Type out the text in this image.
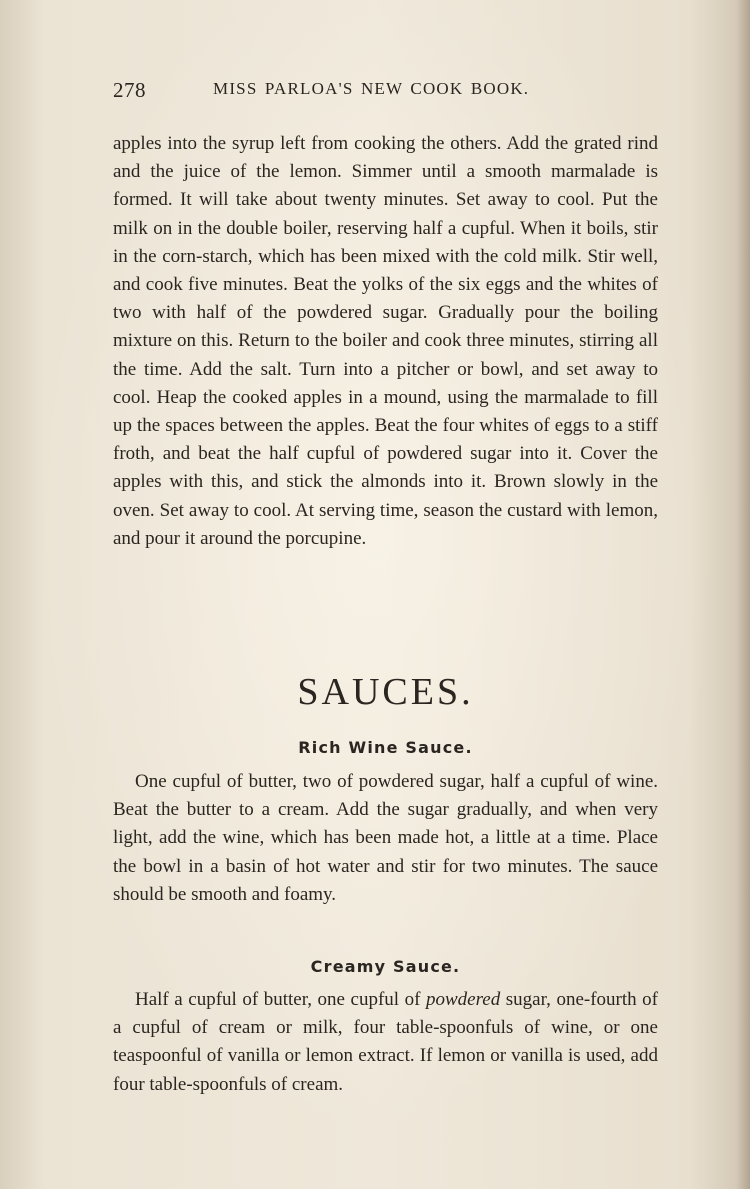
278	MISS PARLOA'S NEW COOK BOOK.

apples into the syrup left from cooking the others. Add the grated rind and the juice of the lemon. Simmer until a smooth marmalade is formed. It will take about twenty minutes. Set away to cool. Put the milk on in the double boiler, reserving half a cupful. When it boils, stir in the corn-starch, which has been mixed with the cold milk. Stir well, and cook five minutes. Beat the yolks of the six eggs and the whites of two with half of the powdered sugar. Gradually pour the boiling mixture on this. Return to the boiler and cook three minutes, stirring all the time. Add the salt. Turn into a pitcher or bowl, and set away to cool. Heap the cooked apples in a mound, using the marmalade to fill up the spaces between the apples. Beat the four whites of eggs to a stiff froth, and beat the half cupful of powdered sugar into it. Cover the apples with this, and stick the almonds into it. Brown slowly in the oven. Set away to cool. At serving time, season the custard with lemon, and pour it around the porcupine.

SAUCES.
Rich Wine Sauce.

One cupful of butter, two of powdered sugar, half a cupful of wine. Beat the butter to a cream. Add the sugar gradually, and when very light, add the wine, which has been made hot, a little at a time. Place the bowl in a basin of hot water and stir for two minutes. The sauce should be smooth and foamy.

Creamy Sauce.

Half a cupful of butter, one cupful of powdered sugar, one-fourth of a cupful of cream or milk, four table-spoonfuls of wine, or one teaspoonful of vanilla or lemon extract. If lemon or vanilla is used, add four table-spoonfuls of cream.
